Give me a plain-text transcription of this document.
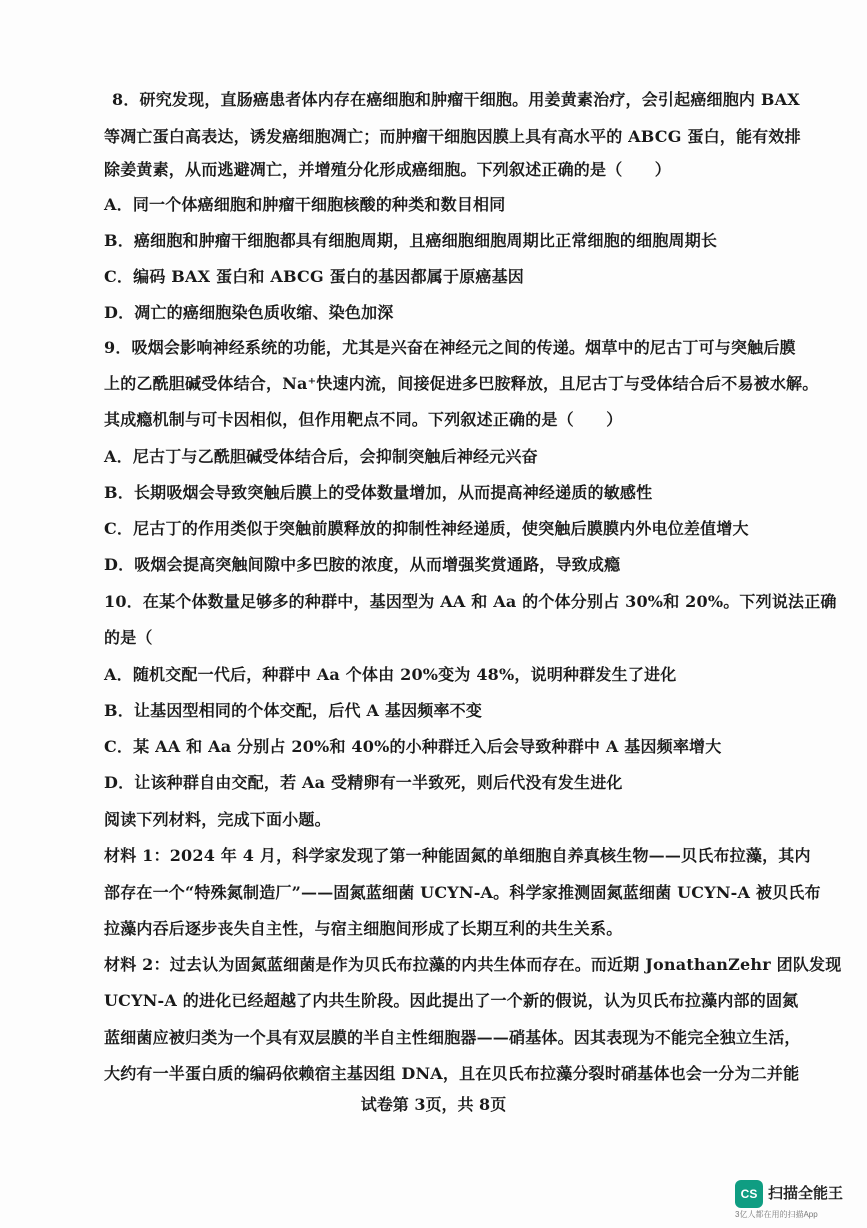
8．研究发现，直肠癌患者体内存在癌细胞和肿瘤干细胞。用姜黄素治疗，会引起癌细胞内 BAX
等凋亡蛋白高表达，诱发癌细胞凋亡；而肿瘤干细胞因膜上具有高水平的 ABCG 蛋白，能有效排
除姜黄素，从而逃避凋亡，并增殖分化形成癌细胞。下列叙述正确的是（　　）
A．同一个体癌细胞和肿瘤干细胞核酸的种类和数目相同
B．癌细胞和肿瘤干细胞都具有细胞周期，且癌细胞细胞周期比正常细胞的细胞周期长
C．编码 BAX 蛋白和 ABCG 蛋白的基因都属于原癌基因
D．凋亡的癌细胞染色质收缩、染色加深
9．吸烟会影响神经系统的功能，尤其是兴奋在神经元之间的传递。烟草中的尼古丁可与突触后膜
上的乙酰胆碱受体结合，Na⁺快速内流，间接促进多巴胺释放，且尼古丁与受体结合后不易被水解。
其成瘾机制与可卡因相似，但作用靶点不同。下列叙述正确的是（　　）
A．尼古丁与乙酰胆碱受体结合后，会抑制突触后神经元兴奋
B．长期吸烟会导致突触后膜上的受体数量增加，从而提高神经递质的敏感性
C．尼古丁的作用类似于突触前膜释放的抑制性神经递质，使突触后膜膜内外电位差值增大
D．吸烟会提高突触间隙中多巴胺的浓度，从而增强奖赏通路，导致成瘾
10．在某个体数量足够多的种群中，基因型为 AA 和 Aa 的个体分别占 30%和 20%。下列说法正确
的是（
A．随机交配一代后，种群中 Aa 个体由 20%变为 48%，说明种群发生了进化
B．让基因型相同的个体交配，后代 A 基因频率不变
C．某 AA 和 Aa 分别占 20%和 40%的小种群迁入后会导致种群中 A 基因频率增大
D．让该种群自由交配，若 Aa 受精卵有一半致死，则后代没有发生进化
阅读下列材料，完成下面小题。
材料 1：2024 年 4 月，科学家发现了第一种能固氮的单细胞自养真核生物——贝氏布拉藻，其内
部存在一个“特殊氮制造厂”——固氮蓝细菌 UCYN-A。科学家推测固氮蓝细菌 UCYN-A 被贝氏布
拉藻内吞后逐步丧失自主性，与宿主细胞间形成了长期互利的共生关系。
材料 2：过去认为固氮蓝细菌是作为贝氏布拉藻的内共生体而存在。而近期 JonathanZehr 团队发现
UCYN-A 的进化已经超越了内共生阶段。因此提出了一个新的假说，认为贝氏布拉藻内部的固氮
蓝细菌应被归类为一个具有双层膜的半自主性细胞器——硝基体。因其表现为不能完全独立生活，
大约有一半蛋白质的编码依赖宿主基因组 DNA，且在贝氏布拉藻分裂时硝基体也会一分为二并能
试卷第 3页，共 8页
CS 扫描全能王
3亿人都在用的扫描App
